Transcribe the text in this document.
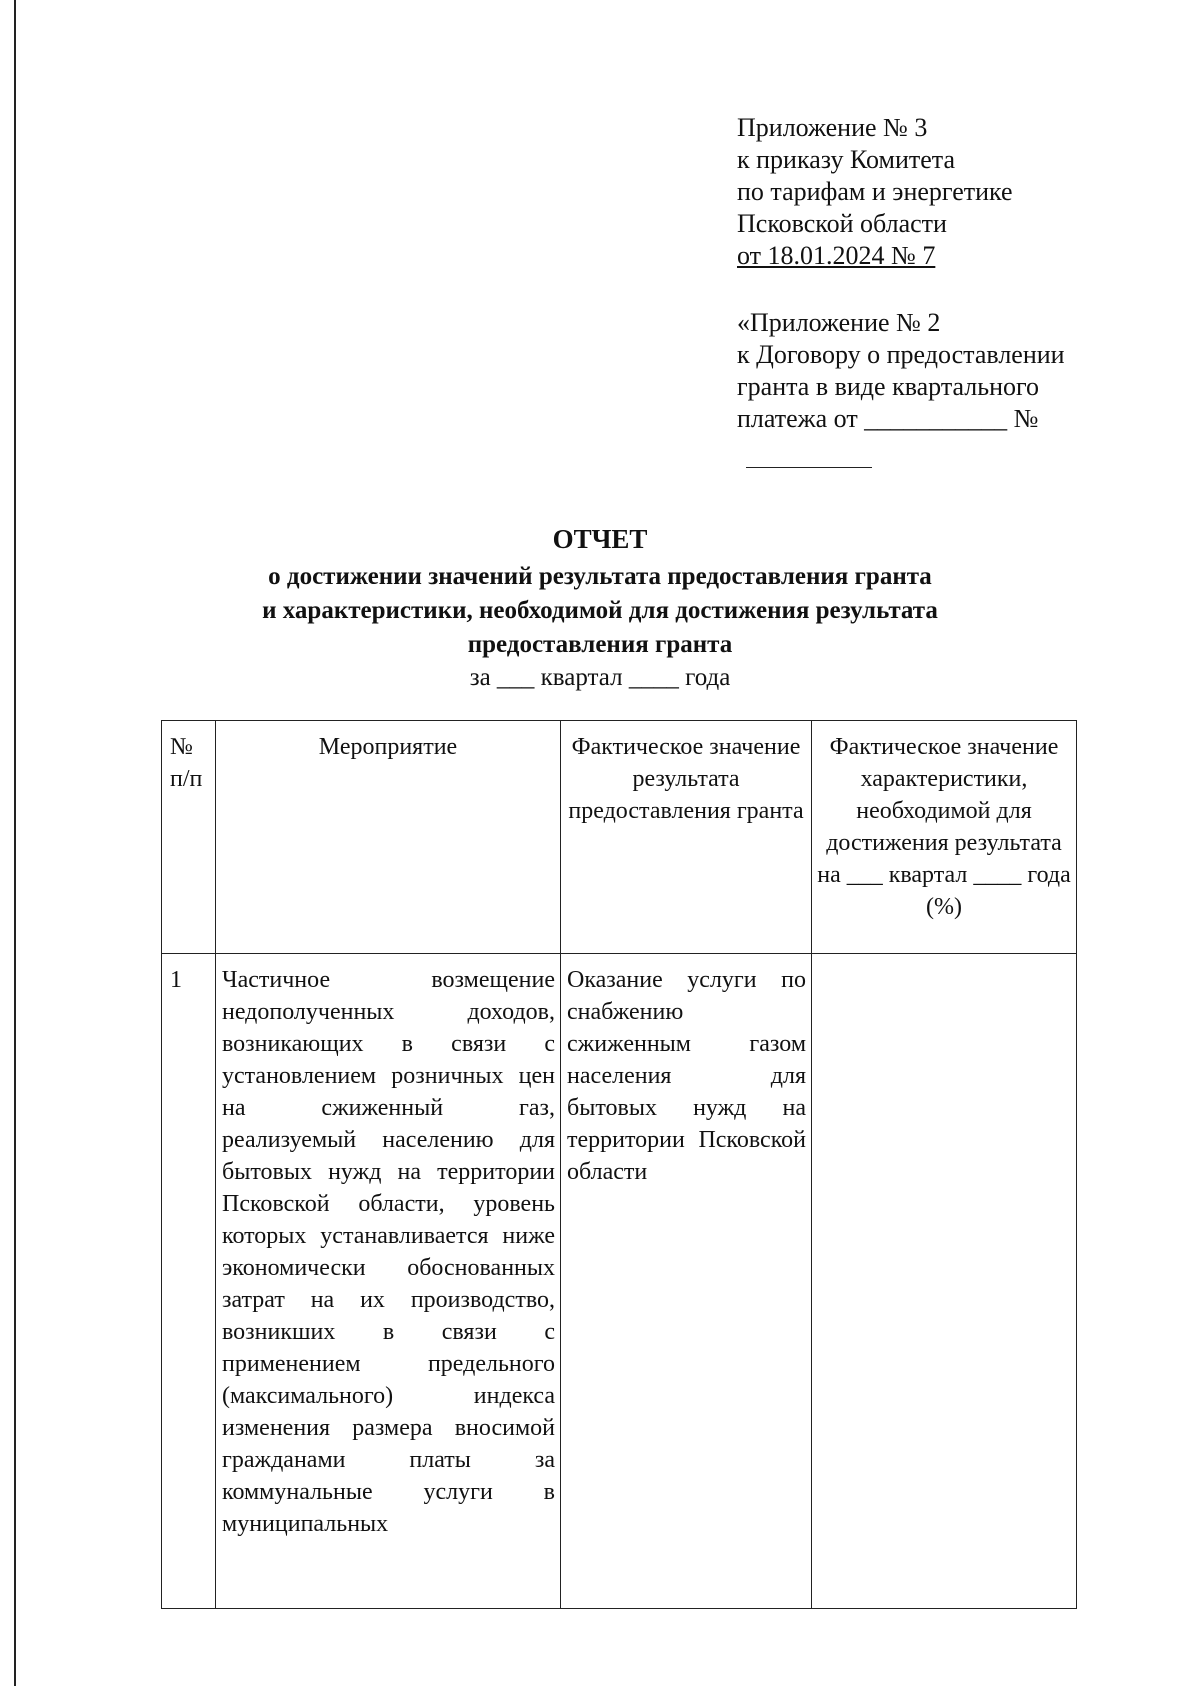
Приложение № 3
к приказу Комитета
по тарифам и энергетике
Псковской области
от 18.01.2024 № 7
«Приложение № 2
к Договору о предоставлении
гранта в виде квартального
платежа от ___________ №
ОТЧЕТ
о достижении значений результата предоставления гранта
и характеристики, необходимой для достижения результата
предоставления гранта
за ___ квартал ____ года
№ п/п	Мероприятие	Фактическое значение результата предоставления гранта	Фактическое значение характеристики, необходимой для достижения результата на ___ квартал ____ года (%)
1	Частичное возмещение недополученных доходов, возникающих в связи с установлением розничных цен на сжиженный газ, реализуемый населению для бытовых нужд на территории Псковской области, уровень которых устанавливается ниже экономически обоснованных затрат на их производство, возникших в связи с применением предельного (максимального) индекса изменения размера вносимой гражданами платы за коммунальные услуги в муниципальных	Оказание услуги по снабжению сжиженным газом населения для бытовых нужд на территории Псковской области	
